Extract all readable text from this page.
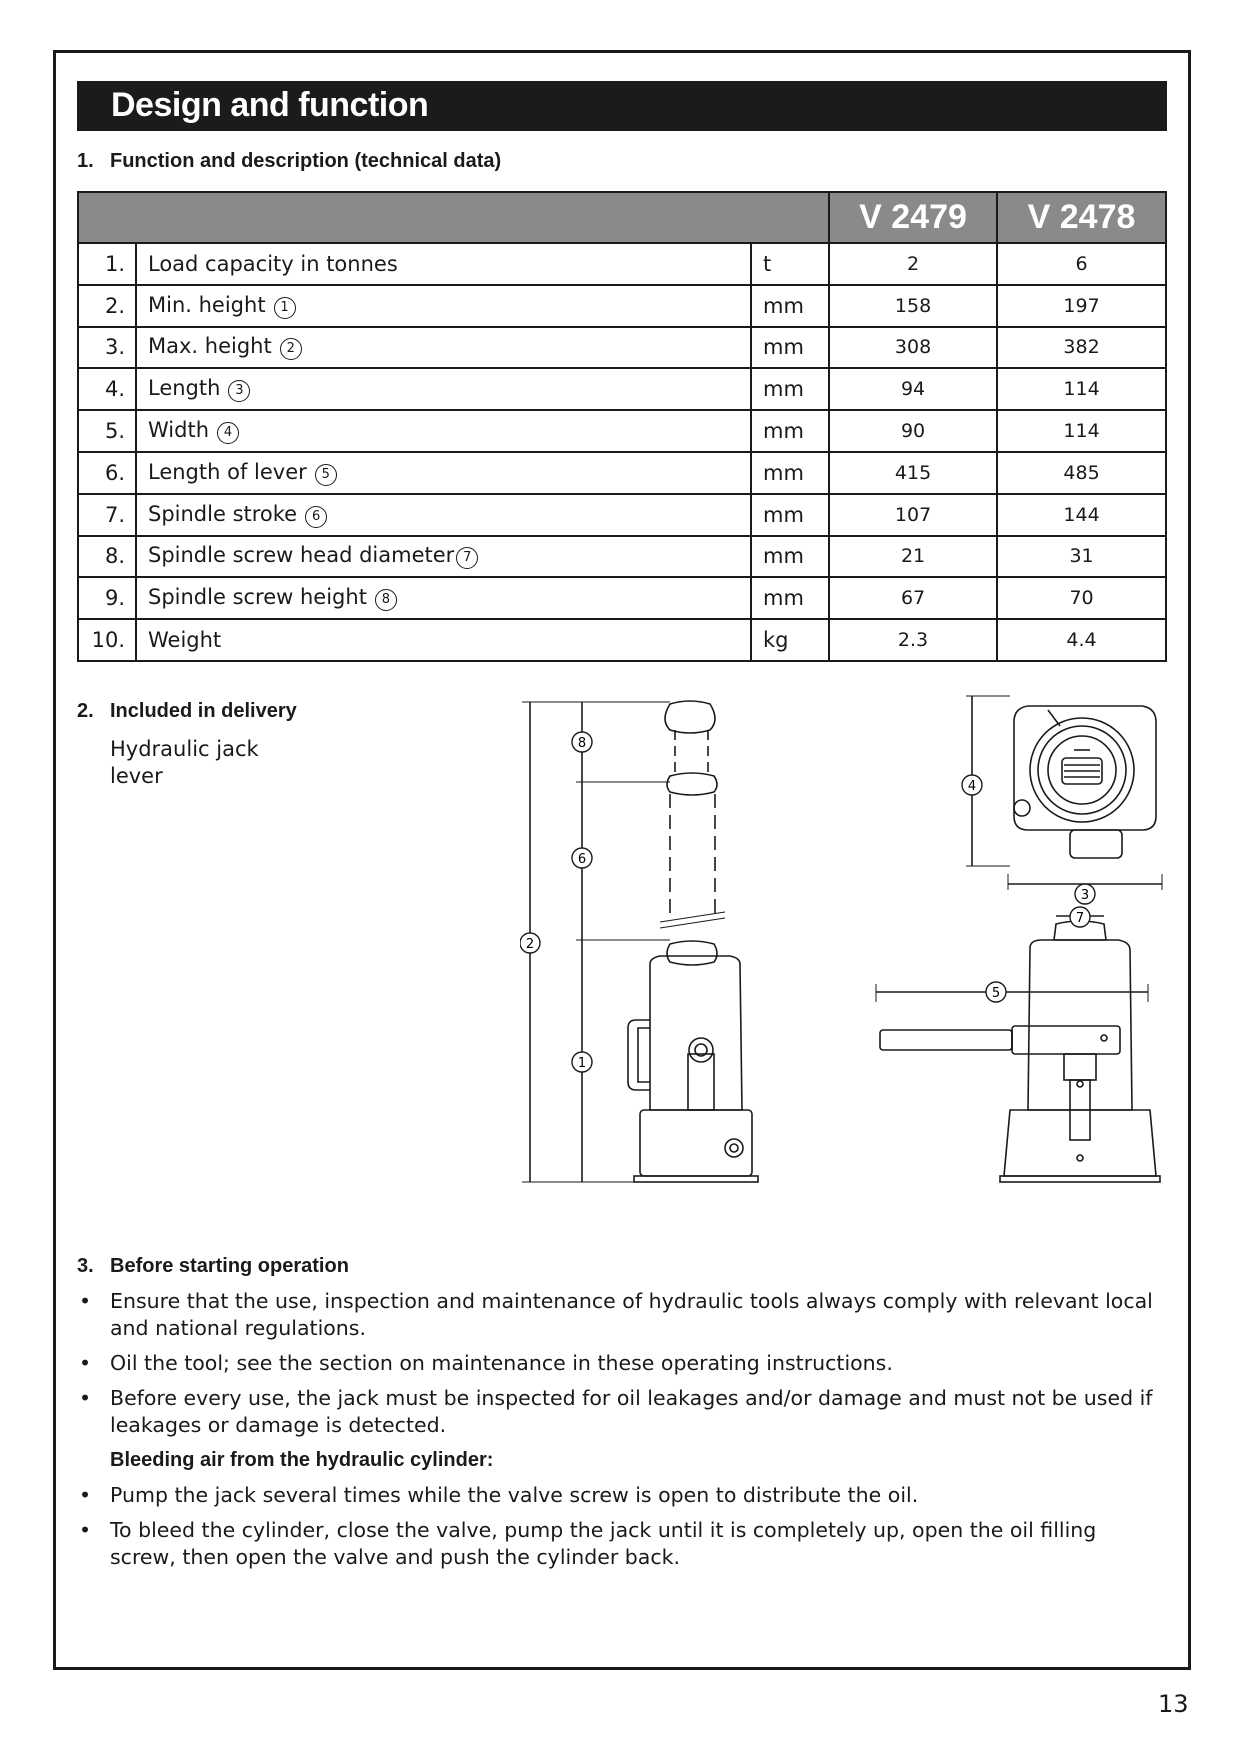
Design and function
1. Function and description (technical data)
			V 2479	V 2478
1.	Load capacity in tonnes	t	2	6
2.	Min. height 1	mm	158	197
3.	Max. height 2	mm	308	382
4.	Length 3	mm	94	114
5.	Width 4	mm	90	114
6.	Length of lever 5	mm	415	485
7.	Spindle stroke 6	mm	107	144
8.	Spindle screw head diameter 7	mm	21	31
9.	Spindle screw height 8	mm	67	70
10.	Weight	kg	2.3	4.4
2. Included in delivery
Hydraulic jack
lever
8
6
2
1
4
3
7
5
3. Before starting operation
• Ensure that the use, inspection and maintenance of hydraulic tools always comply with relevant local and national regulations.
• Oil the tool; see the section on maintenance in these operating instructions.
• Before every use, the jack must be inspected for oil leakages and/or damage and must not be used if leakages or damage is detected.
Bleeding air from the hydraulic cylinder:
• Pump the jack several times while the valve screw is open to distribute the oil.
• To bleed the cylinder, close the valve, pump the jack until it is completely up, open the oil filling screw, then open the valve and push the cylinder back.
13
